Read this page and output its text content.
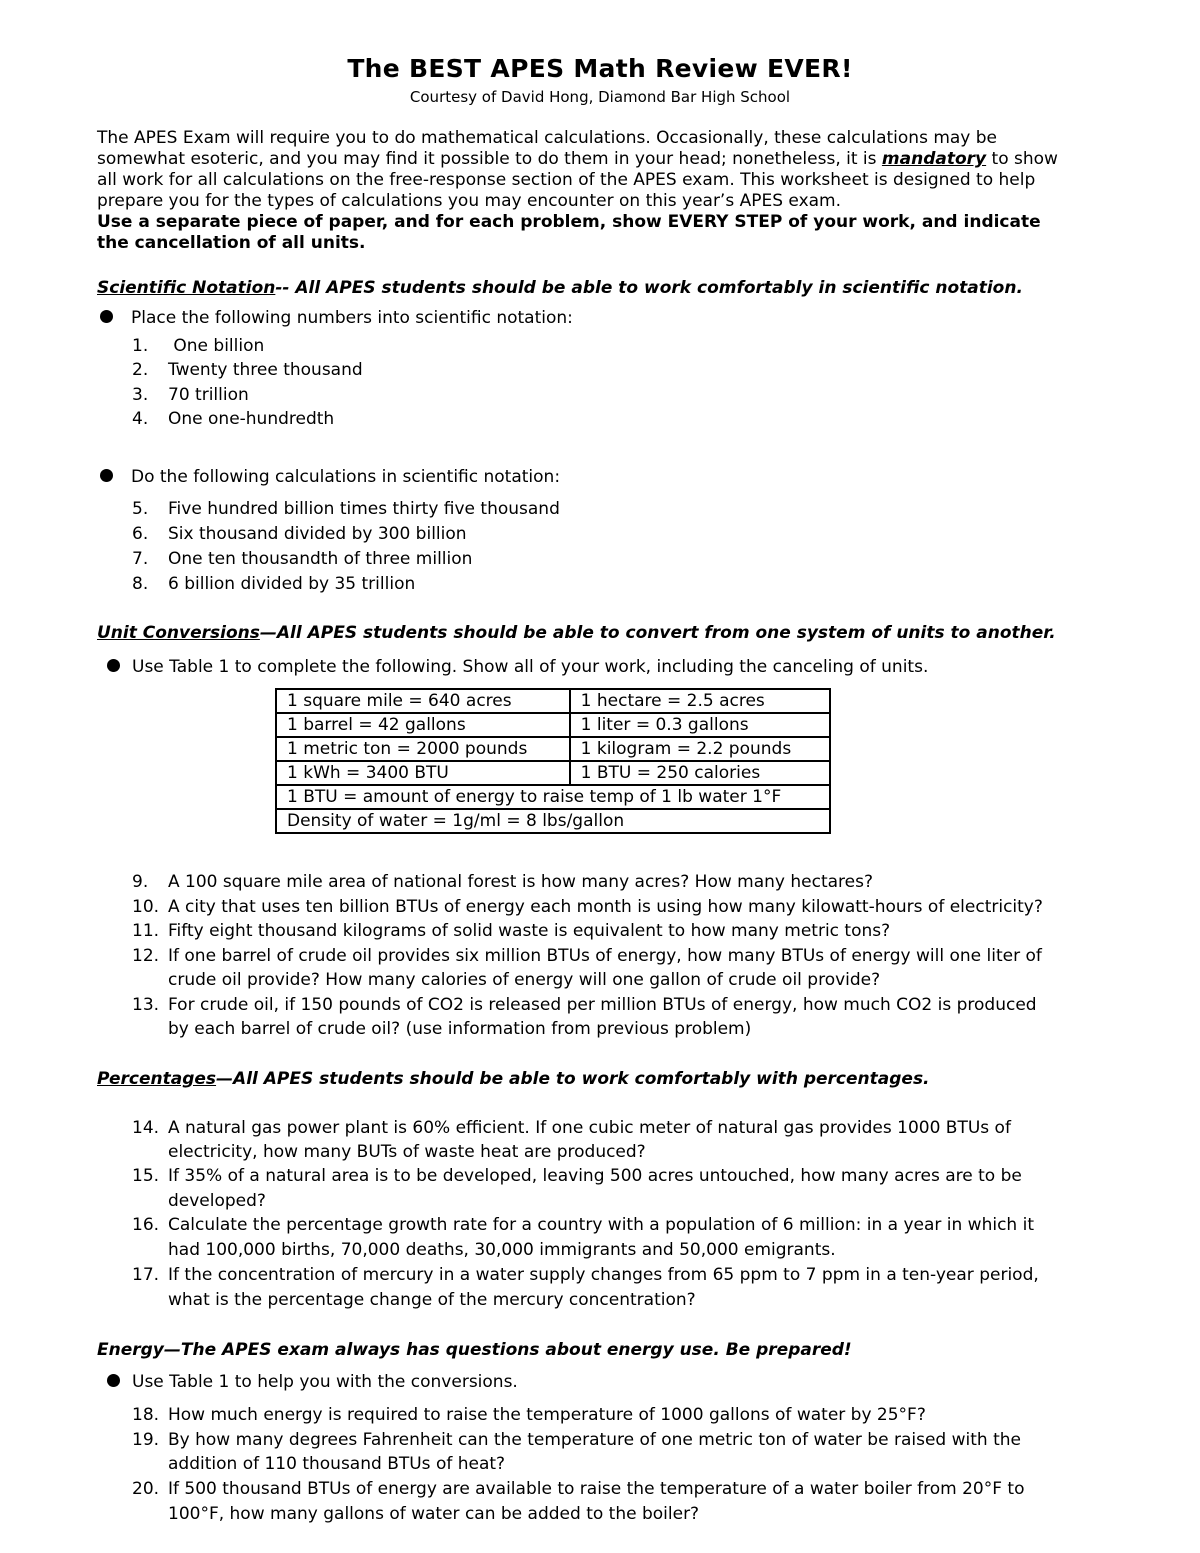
The BEST APES Math Review EVER!
Courtesy of David Hong, Diamond Bar High School
The APES Exam will require you to do mathematical calculations. Occasionally, these calculations may be
somewhat esoteric, and you may find it possible to do them in your head; nonetheless, it is mandatory to show
all work for all calculations on the free-response section of the APES exam. This worksheet is designed to help
prepare you for the types of calculations you may encounter on this year’s APES exam.
Use a separate piece of paper, and for each problem, show EVERY STEP of your work, and indicate
the cancellation of all units.
Scientific Notation-- All APES students should be able to work comfortably in scientific notation.
Place the following numbers into scientific notation:
1. One billion
2. Twenty three thousand
3. 70 trillion
4. One one-hundredth
Do the following calculations in scientific notation:
5. Five hundred billion times thirty five thousand
6. Six thousand divided by 300 billion
7. One ten thousandth of three million
8. 6 billion divided by 35 trillion
Unit Conversions—All APES students should be able to convert from one system of units to another.
Use Table 1 to complete the following. Show all of your work, including the canceling of units.
1 square mile = 640 acres	1 hectare = 2.5 acres
1 barrel = 42 gallons	1 liter = 0.3 gallons
1 metric ton = 2000 pounds	1 kilogram = 2.2 pounds
1 kWh = 3400 BTU	1 BTU = 250 calories
1 BTU = amount of energy to raise temp of 1 lb water 1°F	
Density of water = 1g/ml = 8 lbs/gallon	
9. A 100 square mile area of national forest is how many acres? How many hectares?
10. A city that uses ten billion BTUs of energy each month is using how many kilowatt-hours of electricity?
11. Fifty eight thousand kilograms of solid waste is equivalent to how many metric tons?
12. If one barrel of crude oil provides six million BTUs of energy, how many BTUs of energy will one liter of
crude oil provide? How many calories of energy will one gallon of crude oil provide?
13. For crude oil, if 150 pounds of CO2 is released per million BTUs of energy, how much CO2 is produced
by each barrel of crude oil? (use information from previous problem)
Percentages—All APES students should be able to work comfortably with percentages.
14. A natural gas power plant is 60% efficient. If one cubic meter of natural gas provides 1000 BTUs of
electricity, how many BUTs of waste heat are produced?
15. If 35% of a natural area is to be developed, leaving 500 acres untouched, how many acres are to be
developed?
16. Calculate the percentage growth rate for a country with a population of 6 million: in a year in which it
had 100,000 births, 70,000 deaths, 30,000 immigrants and 50,000 emigrants.
17. If the concentration of mercury in a water supply changes from 65 ppm to 7 ppm in a ten-year period,
what is the percentage change of the mercury concentration?
Energy—The APES exam always has questions about energy use. Be prepared!
Use Table 1 to help you with the conversions.
18. How much energy is required to raise the temperature of 1000 gallons of water by 25°F?
19. By how many degrees Fahrenheit can the temperature of one metric ton of water be raised with the
addition of 110 thousand BTUs of heat?
20. If 500 thousand BTUs of energy are available to raise the temperature of a water boiler from 20°F to
100°F, how many gallons of water can be added to the boiler?
